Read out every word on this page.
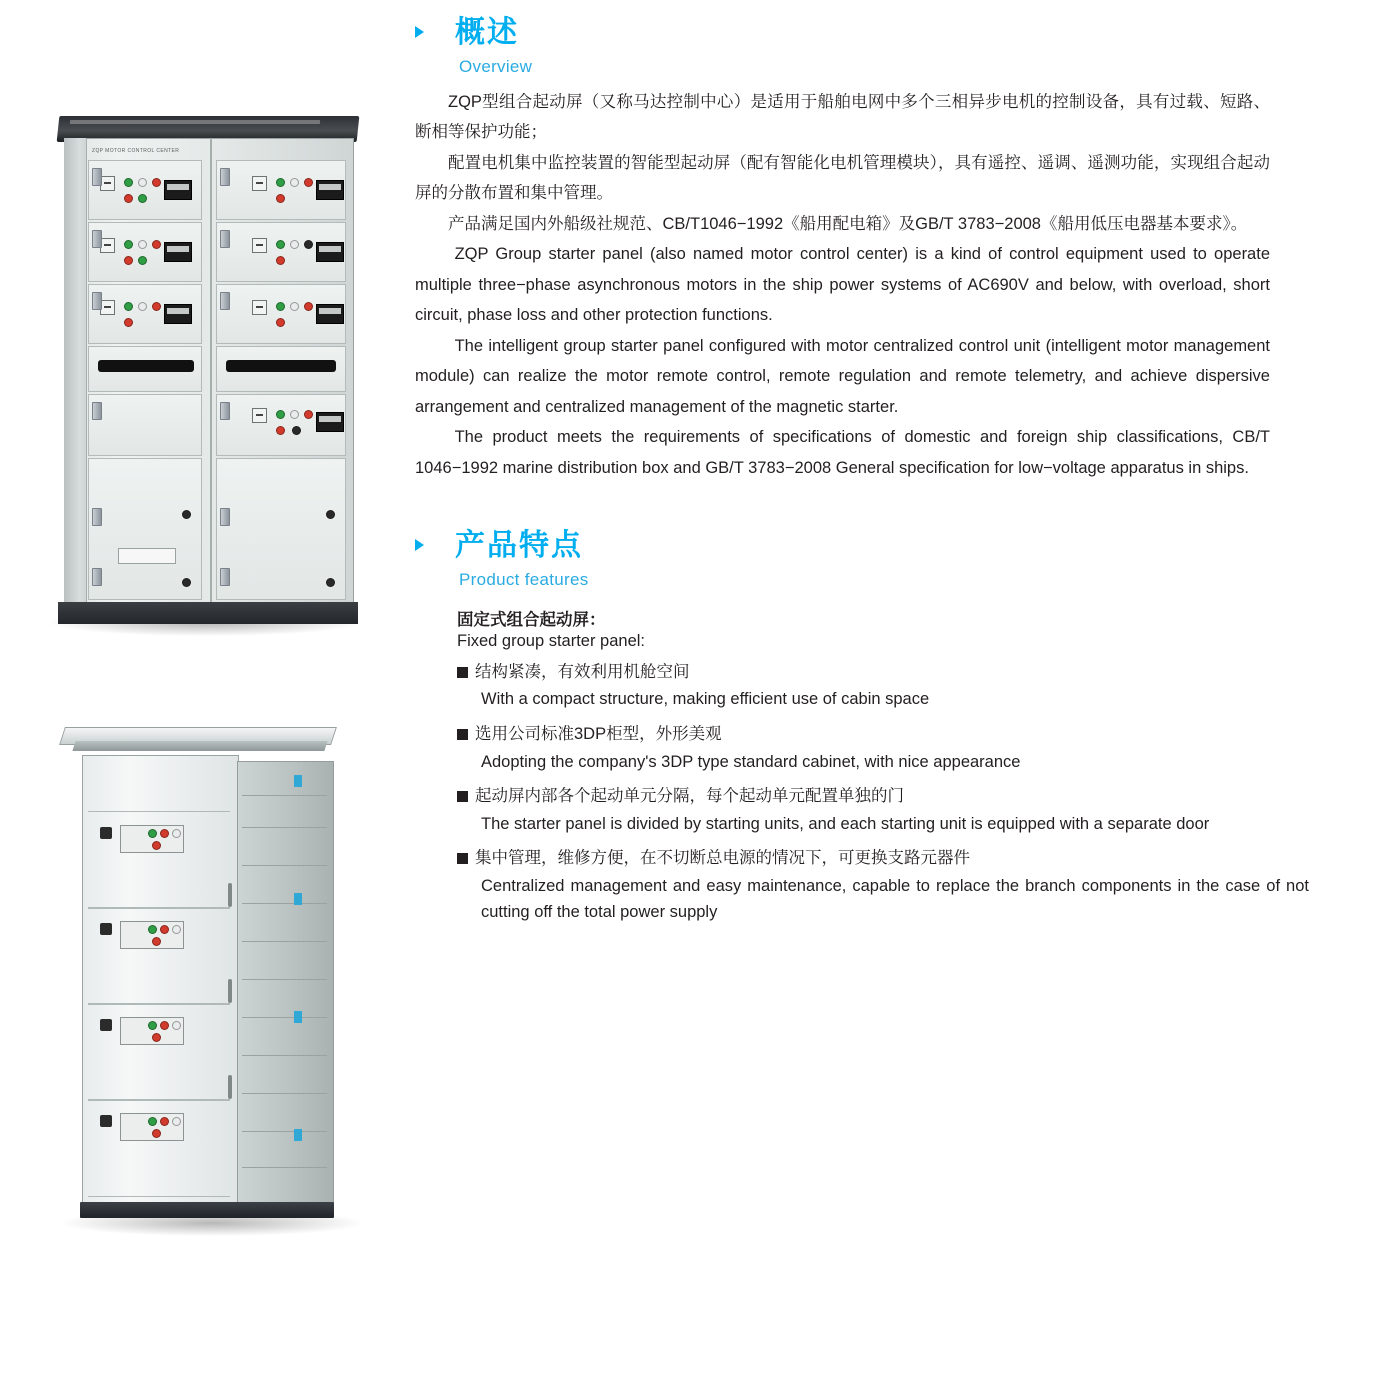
ZQP MOTOR CONTROL CENTER
概述
Overview

ZQP型组合起动屏（又称马达控制中心）是适用于船舶电网中多个三相异步电机的控制设备，具有过载、短路、断相等保护功能；

配置电机集中监控装置的智能型起动屏（配有智能化电机管理模块），具有遥控、遥调、遥测功能，实现组合起动屏的分散布置和集中管理。

产品满足国内外船级社规范、CB/T1046−1992《船用配电箱》及GB/T 3783−2008《船用低压电器基本要求》。

ZQP Group starter panel (also named motor control center) is a kind of control equipment used to operate multiple three−phase asynchronous motors in the ship power systems of AC690V and below, with overload, short circuit, phase loss and other protection functions.

The intelligent group starter panel configured with motor centralized control unit (intelligent motor management module) can realize the motor remote control, remote regulation and remote telemetry, and achieve dispersive arrangement and centralized management of the magnetic starter.

The product meets the requirements of specifications of domestic and foreign ship classifications, CB/T 1046−1992 marine distribution box and GB/T 3783−2008 General specification for low−voltage apparatus in ships.

产品特点
Product features
固定式组合起动屏：
Fixed group starter panel:
结构紧凑，有效利用机舱空间
With a compact structure, making efficient use of cabin space
选用公司标准3DP柜型，外形美观
Adopting the company's 3DP type standard cabinet, with nice appearance
起动屏内部各个起动单元分隔，每个起动单元配置单独的门
The starter panel is divided by starting units, and each starting unit is equipped with a separate door
集中管理，维修方便，在不切断总电源的情况下，可更换支路元器件
Centralized management and easy maintenance, capable to replace the branch components in the case of not cutting off the total power supply
